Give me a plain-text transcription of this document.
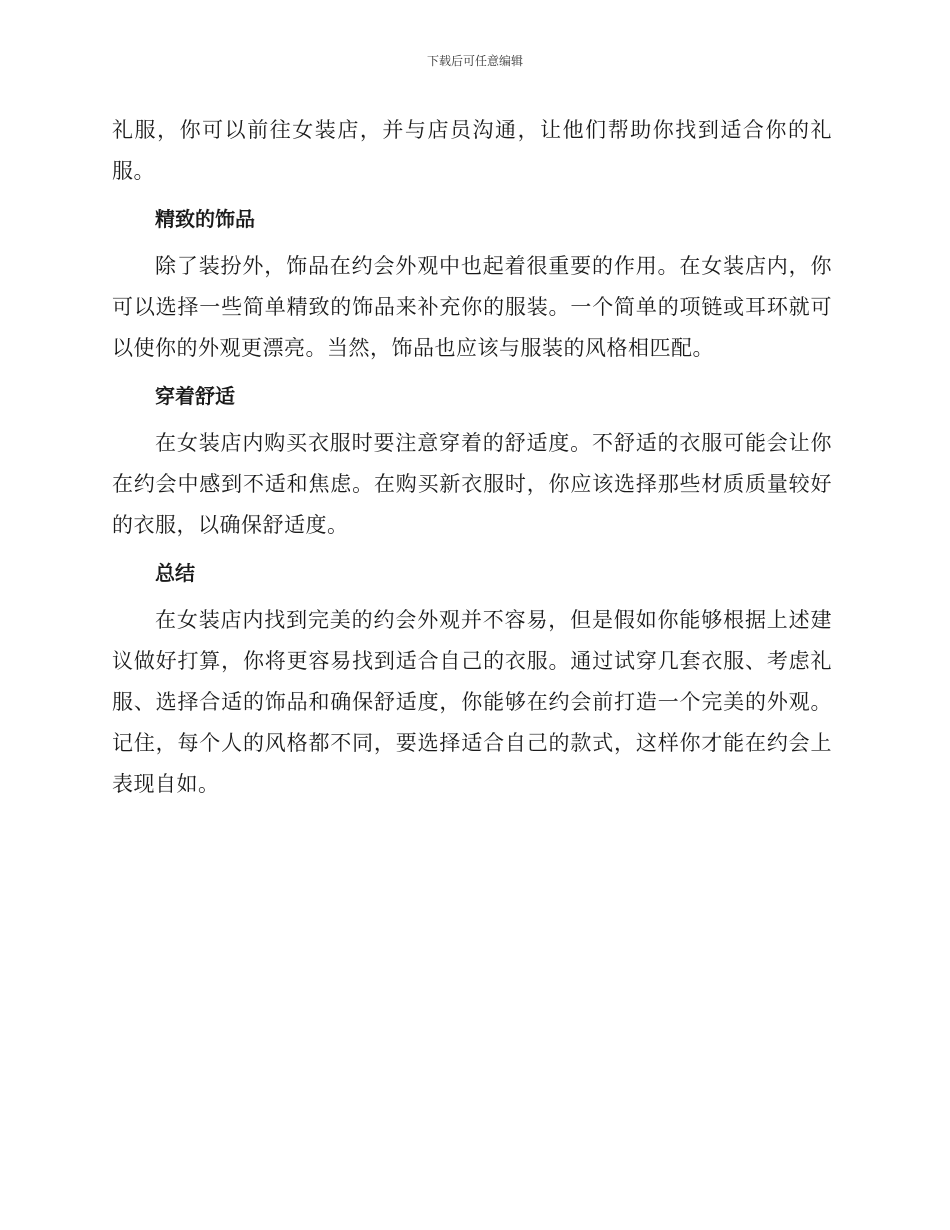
下载后可任意编辑

礼服，你可以前往女装店，并与店员沟通，让他们帮助你找到适合你的礼服。

精致的饰品

除了装扮外，饰品在约会外观中也起着很重要的作用。在女装店内，你可以选择一些简单精致的饰品来补充你的服装。一个简单的项链或耳环就可以使你的外观更漂亮。当然，饰品也应该与服装的风格相匹配。

穿着舒适

在女装店内购买衣服时要注意穿着的舒适度。不舒适的衣服可能会让你在约会中感到不适和焦虑。在购买新衣服时，你应该选择那些材质质量较好的衣服，以确保舒适度。

总结

在女装店内找到完美的约会外观并不容易，但是假如你能够根据上述建议做好打算，你将更容易找到适合自己的衣服。通过试穿几套衣服、考虑礼服、选择合适的饰品和确保舒适度，你能够在约会前打造一个完美的外观。记住，每个人的风格都不同，要选择适合自己的款式，这样你才能在约会上表现自如。
